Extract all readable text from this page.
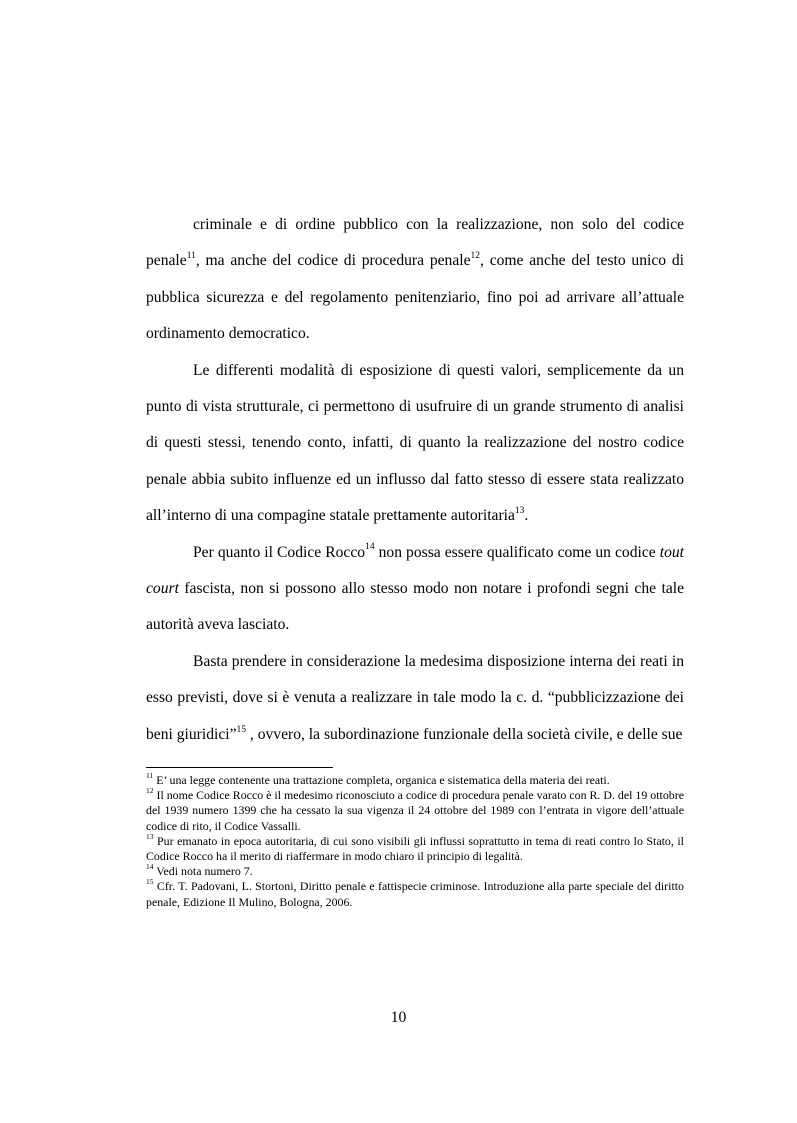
criminale e di ordine pubblico con la realizzazione, non solo del codice penale$^{11}$, ma anche del codice di procedura penale$^{12}$, come anche del testo unico di pubblica sicurezza e del regolamento penitenziario, fino poi ad arrivare all’attuale ordinamento democratico.

Le differenti modalità di esposizione di questi valori, semplicemente da un punto di vista strutturale, ci permettono di usufruire di un grande strumento di analisi di questi stessi, tenendo conto, infatti, di quanto la realizzazione del nostro codice penale abbia subito influenze ed un influsso dal fatto stesso di essere stata realizzato all’interno di una compagine statale prettamente autoritaria$^{13}$.

Per quanto il Codice Rocco$^{14}$ non possa essere qualificato come un codice tout court fascista, non si possono allo stesso modo non notare i profondi segni che tale autorità aveva lasciato.

Basta prendere in considerazione la medesima disposizione interna dei reati in esso previsti, dove si è venuta a realizzare in tale modo la c. d. “pubblicizzazione dei beni giuridici”$^{15}$ , ovvero, la subordinazione funzionale della società civile, e delle sue

$^{11}$ E’ una legge contenente una trattazione completa, organica e sistematica della materia dei reati.

$^{12}$ Il nome Codice Rocco è il medesimo riconosciuto a codice di procedura penale varato con R. D. del 19 ottobre del 1939 numero 1399 che ha cessato la sua vigenza il 24 ottobre del 1989 con l’entrata in vigore dell’attuale codice di rito, il Codice Vassalli.

$^{13}$ Pur emanato in epoca autoritaria, di cui sono visibili gli influssi soprattutto in tema di reati contro lo Stato, il Codice Rocco ha il merito di riaffermare in modo chiaro il principio di legalità.

$^{14}$ Vedi nota numero 7.

$^{15}$ Cfr. T. Padovani, L. Stortoni, Diritto penale e fattispecie criminose. Introduzione alla parte speciale del diritto penale, Edizione Il Mulino, Bologna, 2006.

10
